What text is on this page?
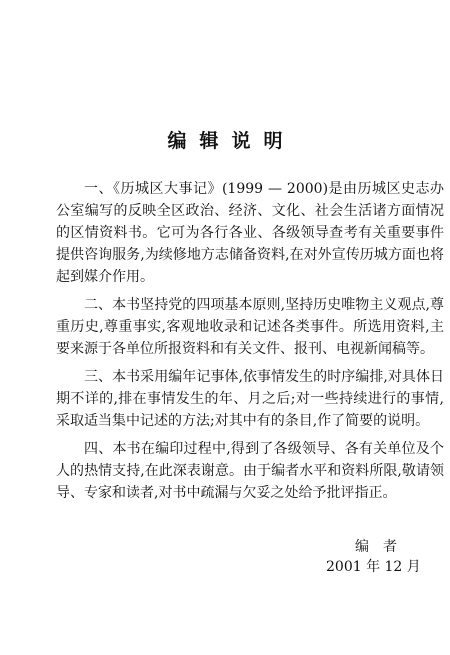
编辑说明

一、《历城区大事记》(1999 — 2000)是由历城区史志办公室编写的反映全区政治、经济、文化、社会生活诸方面情况的区情资料书。它可为各行各业、各级领导查考有关重要事件提供咨询服务,为续修地方志储备资料,在对外宣传历城方面也将起到媒介作用。

二、本书坚持党的四项基本原则,坚持历史唯物主义观点,尊重历史,尊重事实,客观地收录和记述各类事件。所选用资料,主要来源于各单位所报资料和有关文件、报刊、电视新闻稿等。

三、本书采用编年记事体,依事情发生的时序编排,对具体日期不详的,排在事情发生的年、月之后;对一些持续进行的事情,采取适当集中记述的方法;对其中有的条目,作了简要的说明。

四、本书在编印过程中,得到了各级领导、各有关单位及个人的热情支持,在此深表谢意。由于编者水平和资料所限,敬请领导、专家和读者,对书中疏漏与欠妥之处给予批评指正。

编者
2001 年 12 月
